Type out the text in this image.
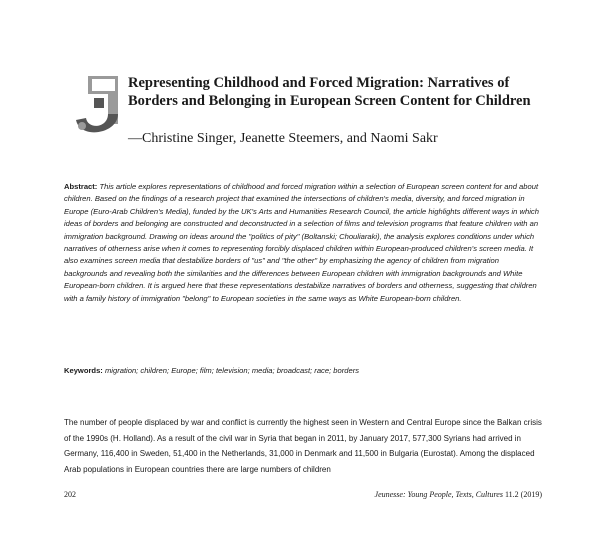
Representing Childhood and Forced Migration: Narratives of Borders and Belonging in European Screen Content for Children

—Christine Singer, Jeanette Steemers, and Naomi Sakr

Abstract: This article explores representations of childhood and forced migration within a selection of European screen content for and about children. Based on the findings of a research project that examined the intersections of children's media, diversity, and forced migration in Europe (Euro-Arab Children's Media), funded by the UK's Arts and Humanities Research Council, the article highlights different ways in which ideas of borders and belonging are constructed and deconstructed in a selection of films and television programs that feature children with an immigration background. Drawing on ideas around the "politics of pity" (Boltanski; Chouliaraki), the analysis explores conditions under which narratives of otherness arise when it comes to representing forcibly displaced children within European-produced children's screen media. It also examines screen media that destabilize borders of "us" and "the other" by emphasizing the agency of children from migration backgrounds and revealing both the similarities and the differences between European children with immigration backgrounds and White European-born children. It is argued here that these representations destabilize narratives of borders and otherness, suggesting that children with a family history of immigration "belong" to European societies in the same ways as White European-born children.

Keywords: migration; children; Europe; film; television; media; broadcast; race; borders

The number of people displaced by war and conflict is currently the highest seen in Western and Central Europe since the Balkan crisis of the 1990s (H. Holland). As a result of the civil war in Syria that began in 2011, by January 2017, 577,300 Syrians had arrived in Germany, 116,400 in Sweden, 51,400 in the Netherlands, 31,000 in Denmark and 11,500 in Bulgaria (Eurostat). Among the displaced Arab populations in European countries there are large numbers of children

202	Jeunesse: Young People, Texts, Cultures 11.2 (2019)
